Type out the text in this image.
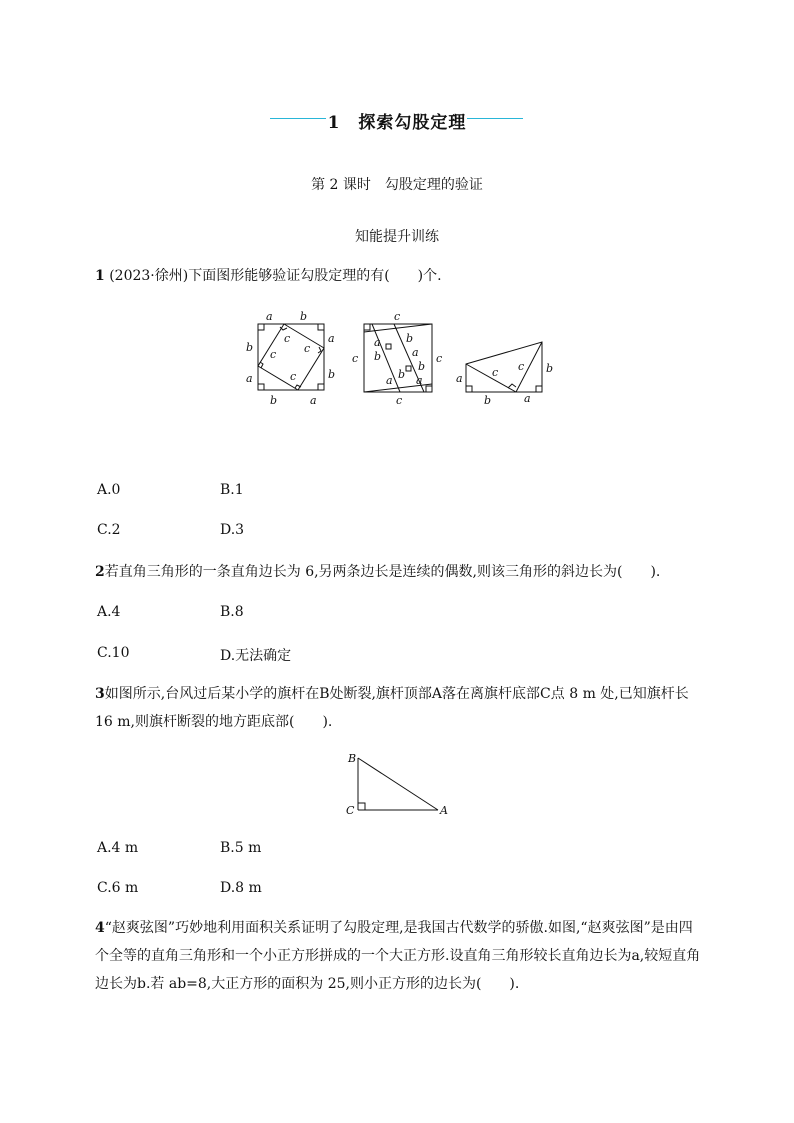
1　探索勾股定理
第 2 课时　勾股定理的验证
知能提升训练
1 (2023·徐州)下面图形能够验证勾股定理的有(　　)个.
a b
b
a
a
b
b	a
c
c
c
c
c
c	c
c
a
b
b
a
b
a b a	a
b	a
b
c c
A.0	B.1
C.2	D.3
2若直角三角形的一条直角边长为 6,另两条边长是连续的偶数,则该三角形的斜边长为(　　).
A.4	B.8
C.10	D.无法确定
3如图所示,台风过后某小学的旗杆在B处断裂,旗杆顶部A落在离旗杆底部C点 8 m 处,已知旗杆长 16 m,则旗杆断裂的地方距底部(　　).
B
C	A
A.4 m	B.5 m
C.6 m	D.8 m
4“赵爽弦图”巧妙地利用面积关系证明了勾股定理,是我国古代数学的骄傲.如图,“赵爽弦图”是由四个全等的直角三角形和一个小正方形拼成的一个大正方形.设直角三角形较长直角边长为a,较短直角边长为b.若 ab=8,大正方形的面积为 25,则小正方形的边长为(　　).
